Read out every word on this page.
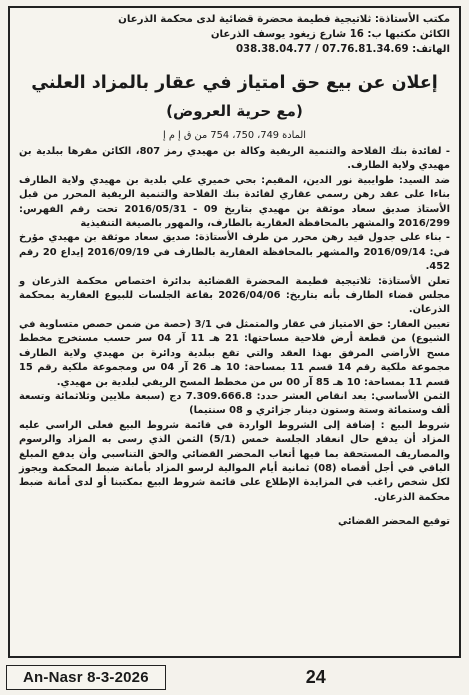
مكتب الأستاذة: ثلاتيجية فطيمة محضرة قضائية لدى محكمة الذرعان

الكائن مكتبها ب: 16 شارع زيغود يوسف الذرعان

الهاتف: 038.38.04.77 / 07.76.81.34.69

إعلان عن بيع حق امتياز في عقار بالمزاد العلني
(مع حرية العروض)
المادة 749، 750، 754 من ق إ م إ

- لفائدة بنك الفلاحة والتنمية الريفية وكالة بن مهيدي رمز 807، الكائن مقرها ببلدية بن مهيدي ولاية الطارف.

ضد السيد: طوايبية نور الدين، المقيم: بحي خميري علي بلدية بن مهيدي ولاية الطارف بناءا على عقد رهن رسمي عقاري لفائدة بنك الفلاحة والتنمية الريفية المحرر من قبل الأستاذ صديق سعاد موثقة بن مهيدي بتاريخ 09 - 2016/05/31 تحت رقم الفهرس: 2016/299 والمشهر بالمحافظة العقارية بالطارف، والمهور بالصيغة التنفيذية

- بناء على جدول قيد رهن محرر من طرف الأستاذة: صديق سعاد موثقة بن مهيدي مؤرخ في: 2016/09/14 والمشهر بالمحافظة العقارية بالطارف في 2016/09/19 إيداع 20 رقم 452.

تعلن الأستاذة: ثلاتيجية فطيمة المحضرة القضائية بدائرة اختصاص محكمة الذرعان و مجلس قضاء الطارف بأنه بتاريخ: 2026/04/06 بقاعة الجلسات للبيوع العقارية بمحكمة الذرعان.

تعيين العقار: حق الامتياز في عقار والمتمثل في 3/1 (حصة من ضمن حصص متساوية في الشيوع) من قطعة أرض فلاحية مساحتها: 21 هـ 11 آر 04 سر حسب مستخرج مخطط مسح الأراضي المرفق بهذا العقد والتي تقع ببلدية ودائرة بن مهيدي ولاية الطارف مجموعة ملكية رقم 14 قسم 11 بمساحة: 10 هـ 26 آر 04 س ومجموعة ملكية رقم 15 قسم 11 بمساحة: 10 هـ 85 آر 00 س من مخطط المسح الريفي لبلدية بن مهيدي.

الثمن الأساسي: بعد انقاص العشر حدد: 7.309.666.8 دج (سبعة ملايين وثلاثمائة وتسعة ألف وستمائة وستة وستون دينار جزائري و 08 سنتيما)

شروط البيع : إضافة إلى الشروط الواردة في قائمة شروط البيع فعلى الراسي عليه المزاد أن يدفع حال انعقاد الجلسة خمس (5/1) الثمن الذي رسى به المزاد والرسوم والمصاريف المستحقة بما فيها أتعاب المحضر القضائي والحق التناسبي وأن يدفع المبلغ الباقي في أجل أقصاه (08) ثمانية أيام الموالية لرسو المزاد بأمانة ضبط المحكمة ويجوز لكل شخص راغب في المزايدة الإطلاع على قائمة شروط البيع بمكتبنا أو لدى أمانة ضبط محكمة الذرعان.

توقيع المحضر القضائي
An-Nasr 8-3-2026	24
